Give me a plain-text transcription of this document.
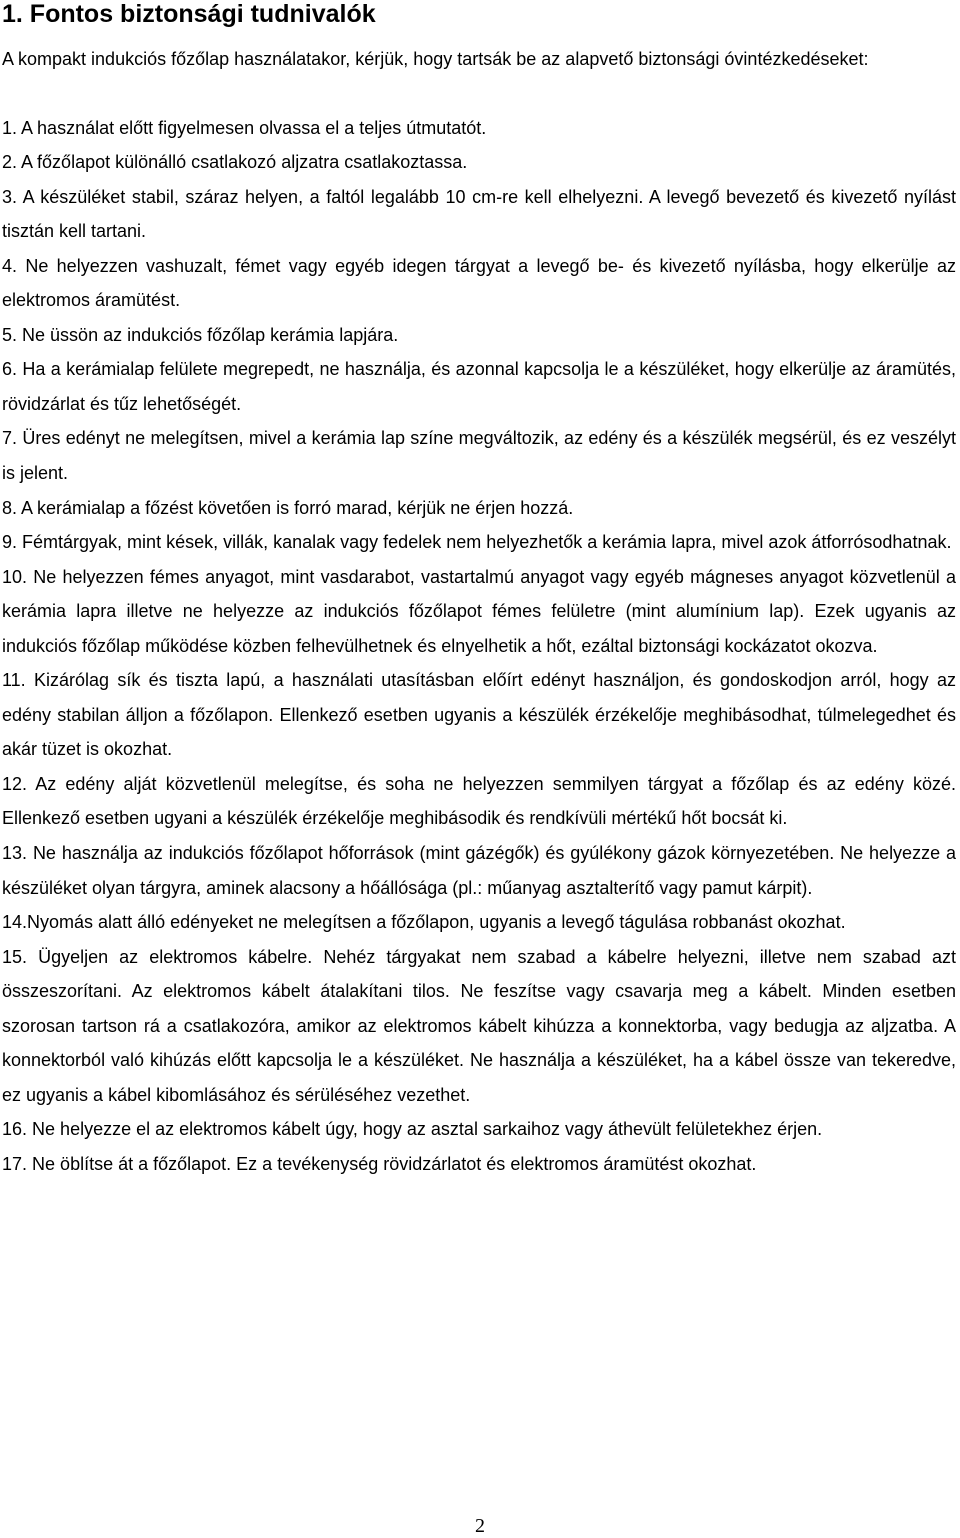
1. Fontos biztonsági tudnivalók

A kompakt indukciós főzőlap használatakor, kérjük, hogy tartsák be az alapvető biztonsági óvintézkedéseket:

1. A használat előtt figyelmesen olvassa el a teljes útmutatót.
2. A főzőlapot különálló csatlakozó aljzatra csatlakoztassa.
3. A készüléket stabil, száraz helyen, a faltól legalább 10 cm-re kell elhelyezni. A levegő bevezető és kivezető nyílást tisztán kell tartani.
4. Ne helyezzen vashuzalt, fémet vagy egyéb idegen tárgyat a levegő be- és kivezető nyílásba, hogy elkerülje az elektromos áramütést.
5. Ne üssön az indukciós főzőlap kerámia lapjára.
6. Ha a kerámialap felülete megrepedt, ne használja, és azonnal kapcsolja le a készüléket, hogy elkerülje az áramütés, rövidzárlat és tűz lehetőségét.
7. Üres edényt ne melegítsen, mivel a kerámia lap színe megváltozik, az edény és a készülék megsérül, és ez veszélyt is jelent.
8. A kerámialap a főzést követően is forró marad, kérjük ne érjen hozzá.
9. Fémtárgyak, mint kések, villák, kanalak vagy fedelek nem helyezhetők a kerámia lapra, mivel azok átforrósodhatnak.
10. Ne helyezzen fémes anyagot, mint vasdarabot, vastartalmú anyagot vagy egyéb mágneses anyagot közvetlenül a kerámia lapra illetve ne helyezze az indukciós főzőlapot fémes felületre (mint alumínium lap). Ezek ugyanis az indukciós főzőlap működése közben felhevülhetnek és elnyelhetik a hőt, ezáltal biztonsági kockázatot okozva.
11. Kizárólag sík és tiszta lapú, a használati utasításban előírt edényt használjon, és gondoskodjon arról, hogy az edény stabilan álljon a főzőlapon. Ellenkező esetben ugyanis a készülék érzékelője meghibásodhat, túlmelegedhet és akár tüzet is okozhat.
12. Az edény alját közvetlenül melegítse, és soha ne helyezzen semmilyen tárgyat a főzőlap és az edény közé. Ellenkező esetben ugyani a készülék érzékelője meghibásodik és rendkívüli mértékű hőt bocsát ki.
13. Ne használja az indukciós főzőlapot hőforrások (mint gázégők) és gyúlékony gázok környezetében. Ne helyezze a készüléket olyan tárgyra, aminek alacsony a hőállósága (pl.: műanyag asztalterítő vagy pamut kárpit).
14.Nyomás alatt álló edényeket ne melegítsen a főzőlapon, ugyanis a levegő tágulása robbanást okozhat.
15. Ügyeljen az elektromos kábelre. Nehéz tárgyakat nem szabad a kábelre helyezni, illetve nem szabad azt összeszorítani. Az elektromos kábelt átalakítani tilos. Ne feszítse vagy csavarja meg a kábelt. Minden esetben szorosan tartson rá a csatlakozóra, amikor az elektromos kábelt kihúzza a konnektorba, vagy bedugja az aljzatba. A konnektorból való kihúzás előtt kapcsolja le a készüléket. Ne használja a készüléket, ha a kábel össze van tekeredve, ez ugyanis a kábel kibomlásához és sérüléséhez vezethet.
16. Ne helyezze el az elektromos kábelt úgy, hogy az asztal sarkaihoz vagy áthevült felületekhez érjen.
17. Ne öblítse át a főzőlapot. Ez a tevékenység rövidzárlatot és elektromos áramütést okozhat.
2
